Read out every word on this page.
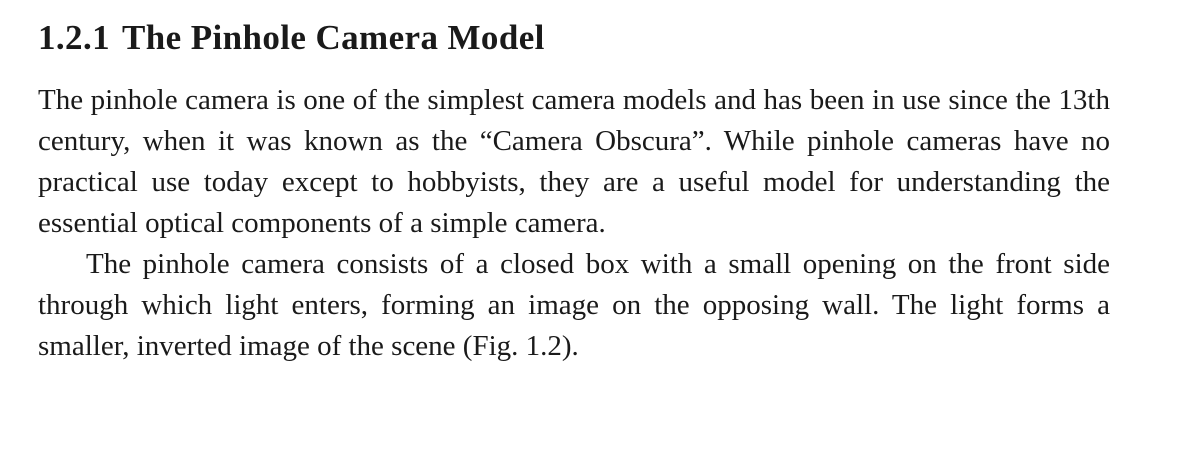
1.2.1 The Pinhole Camera Model

The pinhole camera is one of the simplest camera models and has been in use since the 13th century, when it was known as the “Camera Obscura”. While pinhole cameras have no practical use today except to hobbyists, they are a useful model for understanding the essential optical components of a simple camera.

The pinhole camera consists of a closed box with a small opening on the front side through which light enters, forming an image on the opposing wall. The light forms a smaller, inverted image of the scene (Fig. 1.2).
